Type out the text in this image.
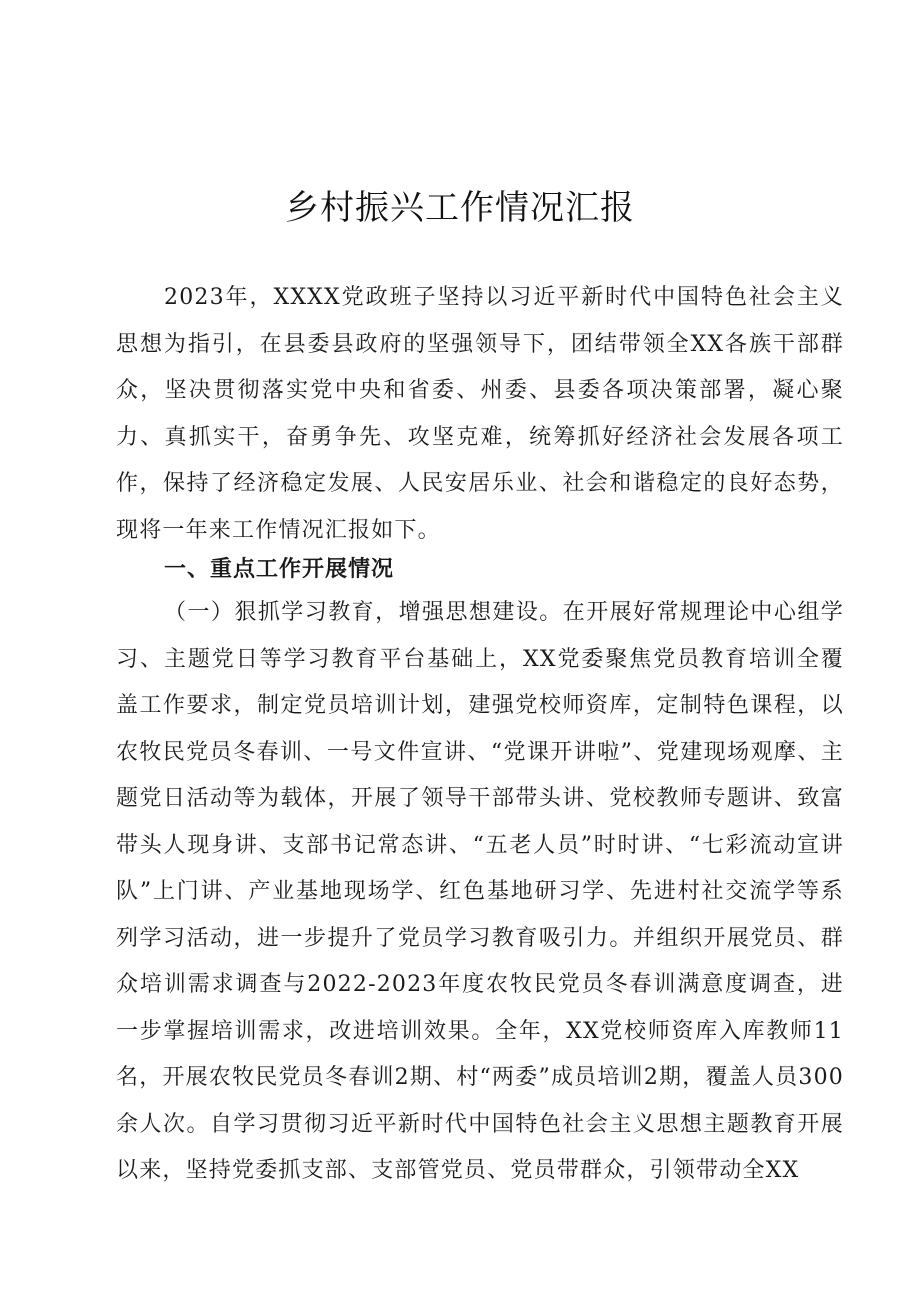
乡村振兴工作情况汇报

2023年，XXXX党政班子坚持以习近平新时代中国特色社会主义思想为指引，在县委县政府的坚强领导下，团结带领全XX各族干部群众，坚决贯彻落实党中央和省委、州委、县委各项决策部署，凝心聚力、真抓实干，奋勇争先、攻坚克难，统筹抓好经济社会发展各项工作，保持了经济稳定发展、人民安居乐业、社会和谐稳定的良好态势，现将一年来工作情况汇报如下。

一、重点工作开展情况

（一）狠抓学习教育，增强思想建设。在开展好常规理论中心组学习、主题党日等学习教育平台基础上，XX党委聚焦党员教育培训全覆盖工作要求，制定党员培训计划，建强党校师资库，定制特色课程，以农牧民党员冬春训、一号文件宣讲、“党课开讲啦”、党建现场观摩、主题党日活动等为载体，开展了领导干部带头讲、党校教师专题讲、致富带头人现身讲、支部书记常态讲、“五老人员”时时讲、“七彩流动宣讲队”上门讲、产业基地现场学、红色基地研习学、先进村社交流学等系列学习活动，进一步提升了党员学习教育吸引力。并组织开展党员、群众培训需求调查与2022-2023年度农牧民党员冬春训满意度调查，进一步掌握培训需求，改进培训效果。全年，XX党校师资库入库教师11名，开展农牧民党员冬春训2期、村“两委”成员培训2期，覆盖人员300余人次。自学习贯彻习近平新时代中国特色社会主义思想主题教育开展以来，坚持党委抓支部、支部管党员、党员带群众，引领带动全XX
